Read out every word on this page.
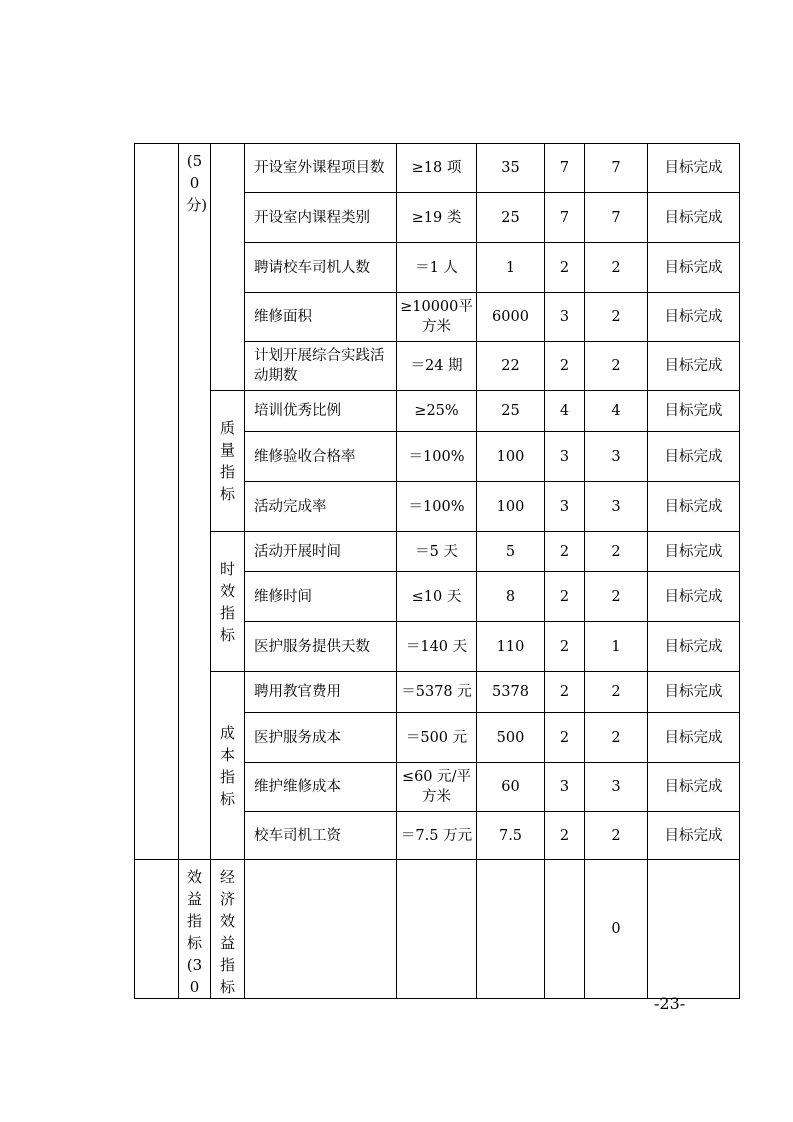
	(50分)		开设室外课程项目数	≥18 项	35	7	7	目标完成
			开设室内课程类别	≥19 类	25	7	7	目标完成
			聘请校车司机人数	＝1 人	1	2	2	目标完成
			维修面积	≥10000平方米	6000	3	2	目标完成
			计划开展综合实践活动期数	＝24 期	22	2	2	目标完成
		质量指标	培训优秀比例	≥25%	25	4	4	目标完成
			维修验收合格率	＝100%	100	3	3	目标完成
			活动完成率	＝100%	100	3	3	目标完成
		时效指标	活动开展时间	＝5 天	5	2	2	目标完成
			维修时间	≤10 天	8	2	2	目标完成
			医护服务提供天数	＝140 天	110	2	1	目标完成
		成本指标	聘用教官费用	＝5378 元	5378	2	2	目标完成
			医护服务成本	＝500 元	500	2	2	目标完成
			维护维修成本	≤60 元/平方米	60	3	3	目标完成
			校车司机工资	＝7.5 万元	7.5	2	2	目标完成
	效益指标(30	经济效益指标					0	
-23-
